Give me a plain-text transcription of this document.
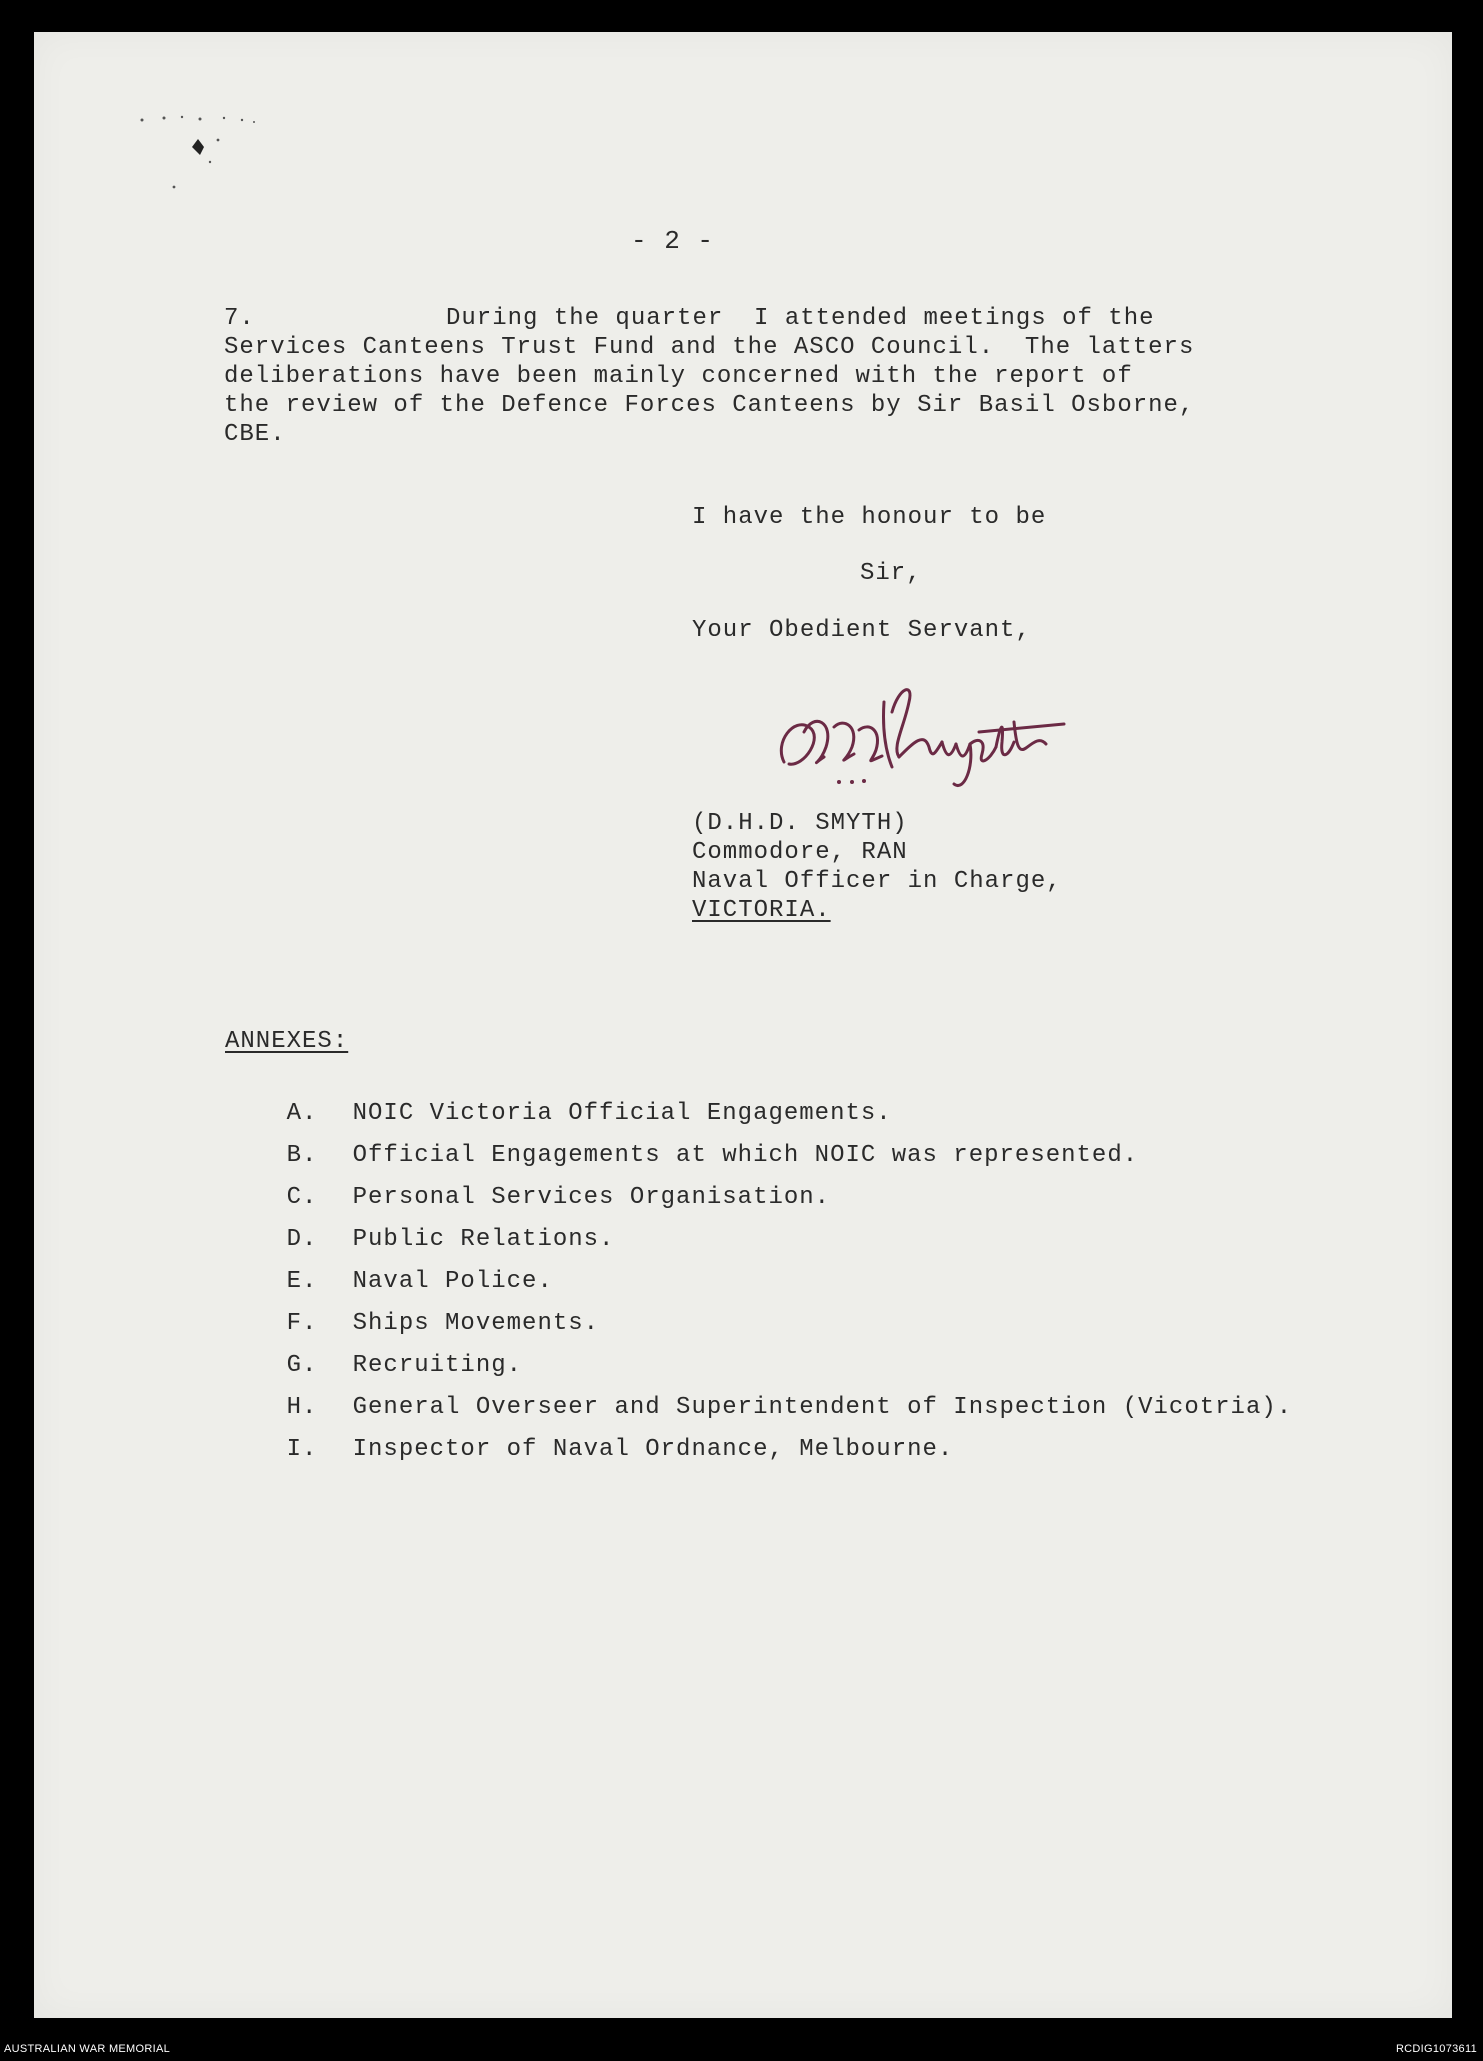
- 2 -
7.	During the quarter  I attended meetings of the
Services Canteens Trust Fund and the ASCO Council.  The latters
deliberations have been mainly concerned with the report of
the review of the Defence Forces Canteens by Sir Basil Osborne,
CBE.
I have the honour to be
Sir,
Your Obedient Servant,
(D.H.D. SMYTH)
Commodore, RAN
Naval Officer in Charge,
VICTORIA.
ANNEXES:

A. NOIC Victoria Official Engagements.

B. Official Engagements at which NOIC was represented.

C. Personal Services Organisation.

D. Public Relations.

E. Naval Police.

F. Ships Movements.

G. Recruiting.

H. General Overseer and Superintendent of Inspection (Vicotria).

I. Inspector of Naval Ordnance, Melbourne.

AUSTRALIAN WAR MEMORIAL	RCDIG1073611
